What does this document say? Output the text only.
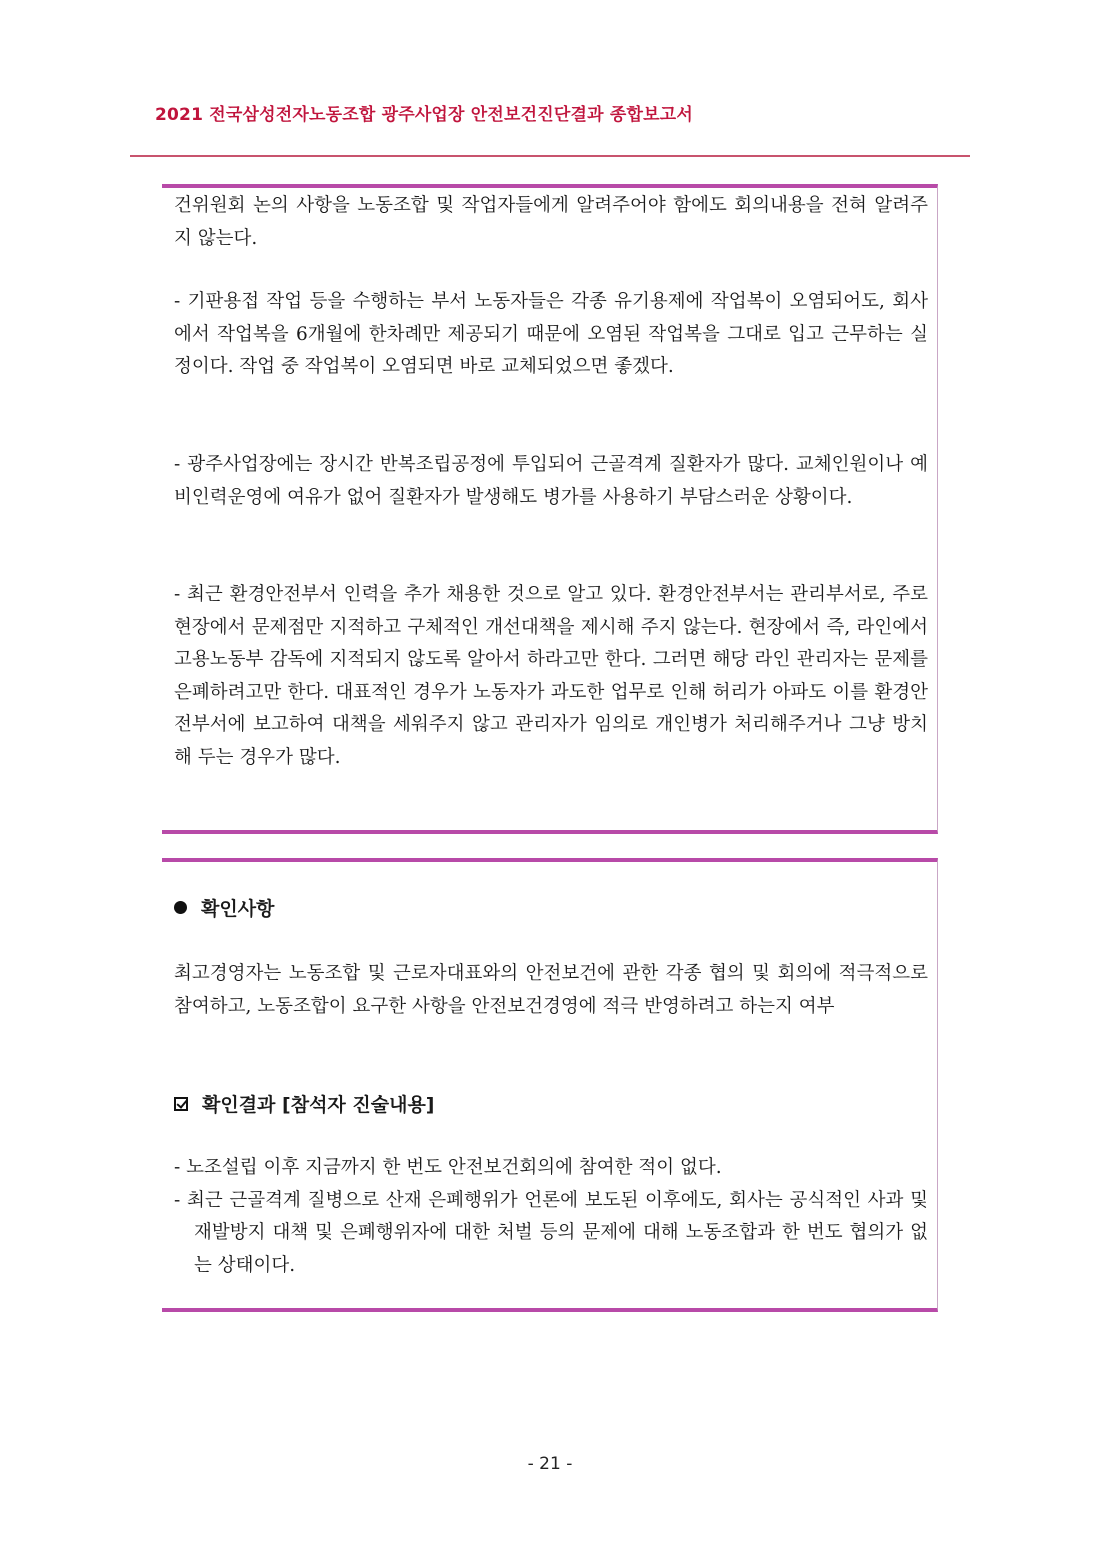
2021 전국삼성전자노동조합 광주사업장 안전보건진단결과 종합보고서

건위원회 논의 사항을 노동조합 및 작업자들에게 알려주어야 함에도 회의내용을 전혀 알려주지 않는다.

- 기판용접 작업 등을 수행하는 부서 노동자들은 각종 유기용제에 작업복이 오염되어도, 회사에서 작업복을 6개월에 한차례만 제공되기 때문에 오염된 작업복을 그대로 입고 근무하는 실정이다. 작업 중 작업복이 오염되면 바로 교체되었으면 좋겠다.

- 광주사업장에는 장시간 반복조립공정에 투입되어 근골격계 질환자가 많다. 교체인원이나 예비인력운영에 여유가 없어 질환자가 발생해도 병가를 사용하기 부담스러운 상황이다.

- 최근 환경안전부서 인력을 추가 채용한 것으로 알고 있다. 환경안전부서는 관리부서로, 주로 현장에서 문제점만 지적하고 구체적인 개선대책을 제시해 주지 않는다. 현장에서 즉, 라인에서 고용노동부 감독에 지적되지 않도록 알아서 하라고만 한다. 그러면 해당 라인 관리자는 문제를 은폐하려고만 한다. 대표적인 경우가 노동자가 과도한 업무로 인해 허리가 아파도 이를 환경안전부서에 보고하여 대책을 세워주지 않고 관리자가 임의로 개인병가 처리해주거나 그냥 방치해 두는 경우가 많다.

확인사항

최고경영자는 노동조합 및 근로자대표와의 안전보건에 관한 각종 협의 및 회의에 적극적으로 참여하고, 노동조합이 요구한 사항을 안전보건경영에 적극 반영하려고 하는지 여부

확인결과 [참석자 진술내용]
- 노조설립 이후 지금까지 한 번도 안전보건회의에 참여한 적이 없다.
- 최근 근골격계 질병으로 산재 은폐행위가 언론에 보도된 이후에도, 회사는 공식적인 사과 및 재발방지 대책 및 은폐행위자에 대한 처벌 등의 문제에 대해 노동조합과 한 번도 협의가 없는 상태이다.
- 21 -
